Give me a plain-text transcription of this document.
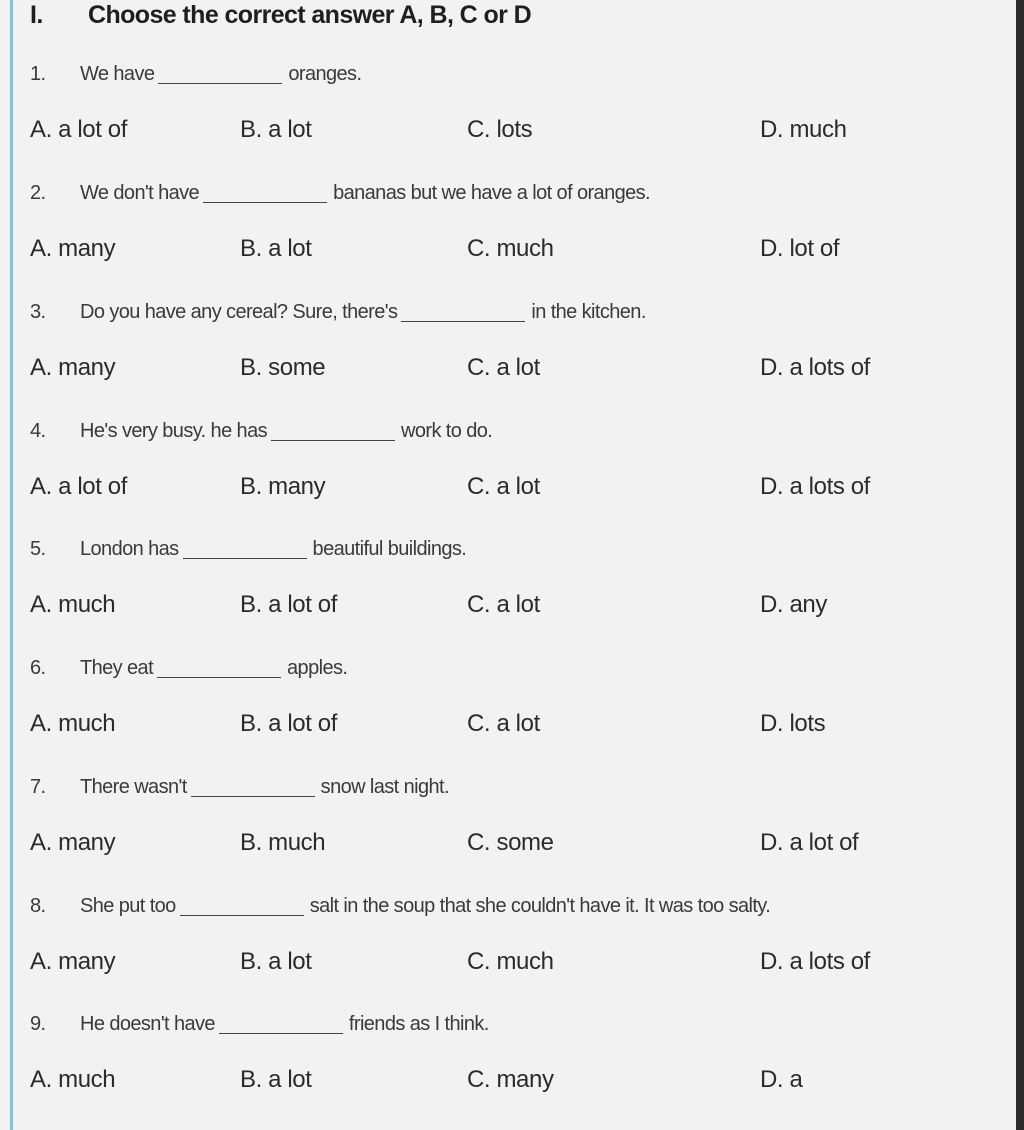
I.	Choose the correct answer A, B, C or D
1.	We have	oranges.
A. a lot of	B. a lot	C. lots	D. much
2.	We don't have	bananas but we have a lot of oranges.
A. many	B. a lot	C. much	D. lot of
3.	Do you have any cereal? Sure, there's	in the kitchen.
A. many	B. some	C. a lot	D. a lots of
4.	He's very busy. he has	work to do.
A. a lot of	B. many	C. a lot	D. a lots of
5.	London has	beautiful buildings.
A. much	B. a lot of	C. a lot	D. any
6.	They eat	apples.
A. much	B. a lot of	C. a lot	D. lots
7.	There wasn't	snow last night.
A. many	B. much	C. some	D. a lot of
8.	She put too	salt in the soup that she couldn't have it. It was too salty.
A. many	B. a lot	C. much	D. a lots of
9.	He doesn't have	friends as I think.
A. much	B. a lot	C. many	D. a
